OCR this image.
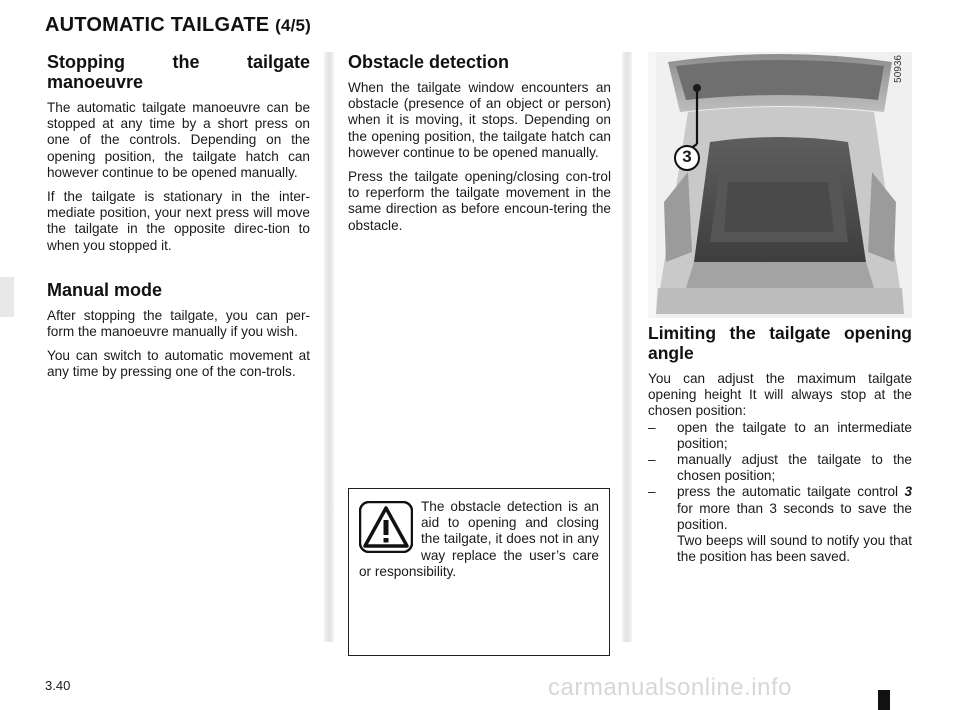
AUTOMATIC TAILGATE (4/5)
Stopping the tailgate manoeuvre

The automatic tailgate manoeuvre can be stopped at any time by a short press on one of the controls. Depending on the opening position, the tailgate hatch can however continue to be opened manually.

If the tailgate is stationary in the inter-mediate position, your next press will move the tailgate in the opposite direc-tion to when you stopped it.

Manual mode

After stopping the tailgate, you can per-form the manoeuvre manually if you wish.

You can switch to automatic movement at any time by pressing one of the con-trols.

Obstacle detection

When the tailgate window encounters an obstacle (presence of an object or person) when it is moving, it stops. Depending on the opening position, the tailgate hatch can however continue to be opened manually.

Press the tailgate opening/closing con-trol to reperform the tailgate movement in the same direction as before encoun-tering the obstacle.

The obstacle detection is an aid to opening and closing the tailgate, it does not in any way replace the user’s care or responsibility.
3
50936
Limiting the tailgate opening angle
You can adjust the maximum tailgate opening height It will always stop at the chosen position:
– open the tailgate to an intermediate position;
– manually adjust the tailgate to the chosen position;
– press the automatic tailgate control 3 for more than 3 seconds to save the position.
Two beeps will sound to notify you that the position has been saved.
3.40	carmanualsonline.info
